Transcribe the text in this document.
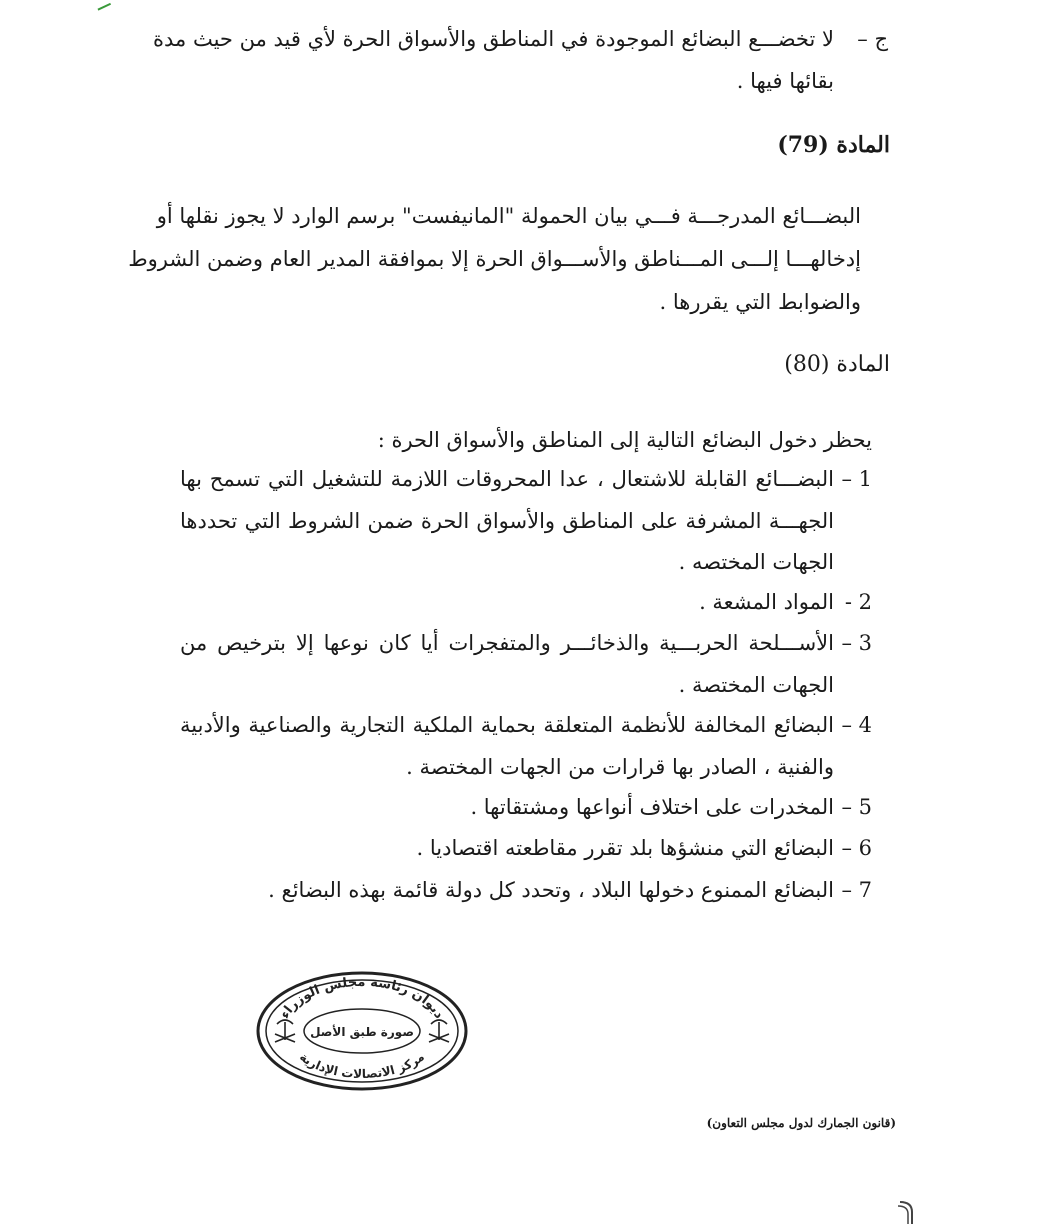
ج –
لا تخضـــع البضائع الموجودة في المناطق والأسواق الحرة لأي قيد من حيث مدة
بقائها فيها .
المادة (79)
البضـــائع المدرجـــة فـــي بيان الحمولة "المانيفست" برسم الوارد لا يجوز نقلها أو
إدخالهـــا إلـــى المـــناطق والأســـواق الحرة إلا بموافقة المدير العام وضمن الشروط
والضوابط التي يقررها .
المادة (80)
يحظر دخول البضائع التالية إلى المناطق والأسواق الحرة :
1 –
البضـــائع القابلة للاشتعال ، عدا المحروقات اللازمة للتشغيل التي تسمح بها
الجهـــة المشرفة على المناطق والأسواق الحرة ضمن الشروط التي تحددها
الجهات المختصه .
2 -
المواد المشعة .
3 –
الأســـلحة الحربـــية والذخائـــر والمتفجرات أيا كان نوعها إلا بترخيص من
الجهات المختصة .
4 –
البضائع المخالفة للأنظمة المتعلقة بحماية الملكية التجارية والصناعية والأدبية
والفنية ، الصادر بها قرارات من الجهات المختصة .
5 –
المخدرات على اختلاف أنواعها ومشتقاتها .
6 –
البضائع التي منشؤها بلد تقرر مقاطعته اقتصاديا .
7 –
البضائع الممنوع دخولها البلاد ، وتحدد كل دولة قائمة بهذه البضائع .
ديوان رئاسة مجلس الوزراء
صورة طبق الأصل
مركز الاتصالات الإدارية
(قانون الجمارك لدول مجلس التعاون)
